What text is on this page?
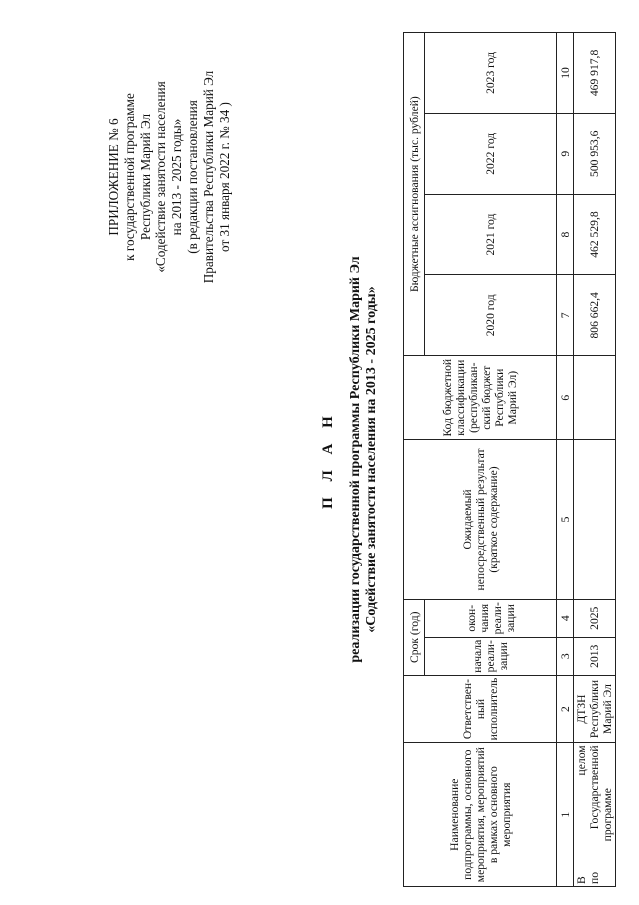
ПРИЛОЖЕНИЕ № 6 к государственной программе Республики Марий Эл «Содействие занятости населения на 2013 - 2025 годы» (в редакции постановления Правительства Республики Марий Эл от 31 января 2022 г. № 34 )
П Л А Н реализации государственной программы Республики Марий Эл «Содействие занятости населения на 2013 - 2025 годы»
Наименование подпрограммы, основного мероприятия, мероприятий в рамках основного мероприятия	Ответствен-ный исполнитель	Срок (год)		Ожидаемый непосредственный результат (краткое содержание)	Код бюджетной классификации (республикан-ский бюджет Республики Марий Эл)	Бюджетные ассигнования (тыс. рублей)			
		начала реали-зации	окон-чания реали-зации			2020 год	2021 год	2022 год	2023 год
1	2	3	4	5	6	7	8	9	10

В целом по Государственной программе	ДТЗН Республики Марий Эл	2013	2025			806 662,4	462 529,8	500 953,6	469 917,8
